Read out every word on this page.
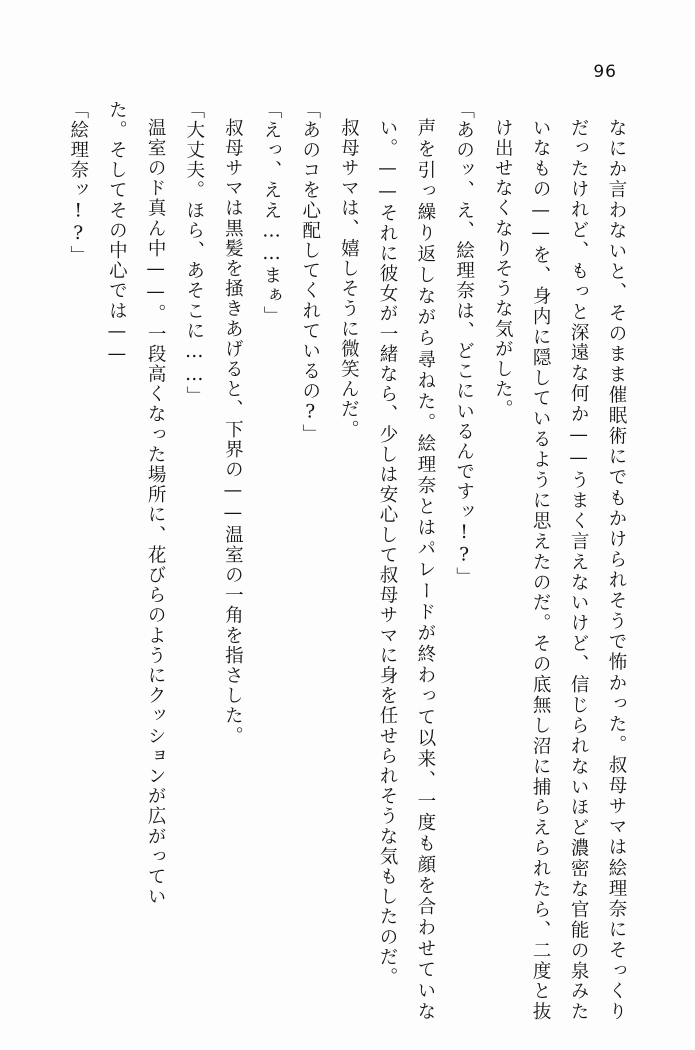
96

なにか言わないと、そのまま催眠術にでもかけられそうで怖かった。叔母サマは絵理奈にそっくりだったけれど、もっと深遠な何か——うまく言えないけど、信じられないほど濃密な官能の泉みたいなもの——を、身内に隠しているように思えたのだ。その底無し沼に捕らえられたら、二度と抜け出せなくなりそうな気がした。

「あのッ、え、絵理奈は、どこにいるんですッ!?」

声を引っ繰り返しながら尋ねた。絵理奈とはパレードが終わって以来、一度も顔を合わせていない。——それに彼女が一緒なら、少しは安心して叔母サマに身を任せられそうな気もしたのだ。

叔母サマは、嬉しそうに微笑んだ。

「あのコを心配してくれているの?」

「えっ、ええ……まぁ」

叔母サマは黒髪を掻きあげると、下界の——温室の一角を指さした。

「大丈夫。ほら、あそこに……」

温室のド真ん中——。一段高くなった場所に、花びらのようにクッションが広がってい

た。そしてその中心では——

「絵理奈ッ!?」
